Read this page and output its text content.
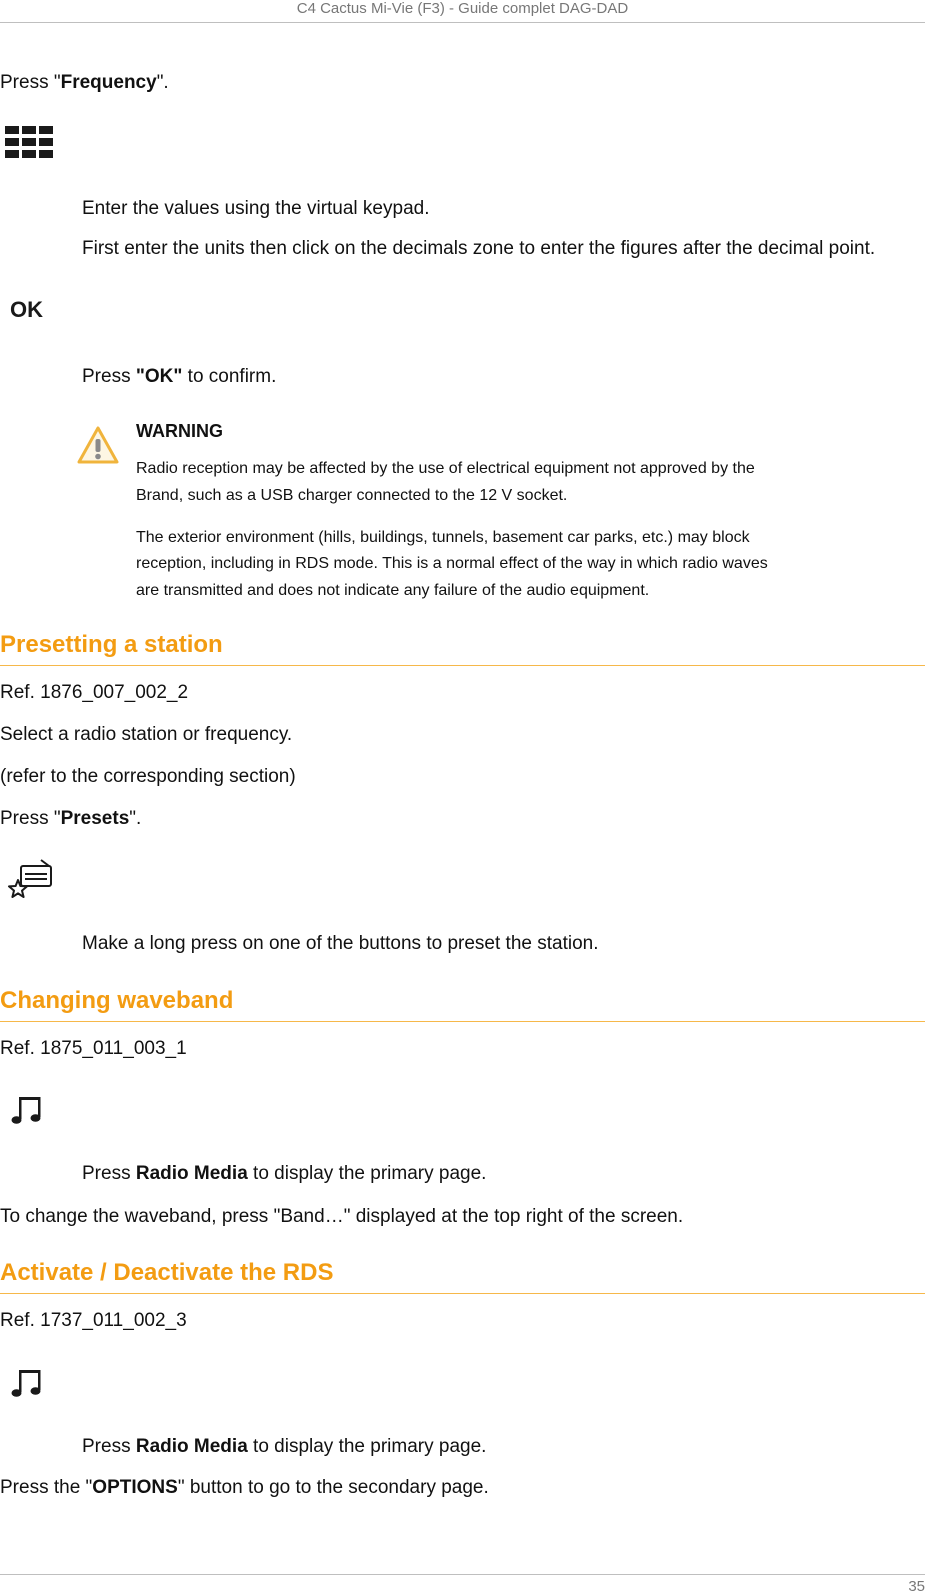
C4 Cactus Mi-Vie (F3) - Guide complet DAG-DAD
Press "Frequency".
Enter the values using the virtual keypad.
First enter the units then click on the decimals zone to enter the figures after the decimal point.
OK
Press "OK" to confirm.
WARNING
Radio reception may be affected by the use of electrical equipment not approved by the
Brand, such as a USB charger connected to the 12 V socket.
The exterior environment (hills, buildings, tunnels, basement car parks, etc.) may block
reception, including in RDS mode. This is a normal effect of the way in which radio waves
are transmitted and does not indicate any failure of the audio equipment.
Presetting a station
Ref. 1876_007_002_2
Select a radio station or frequency.
(refer to the corresponding section)
Press "Presets".
Make a long press on one of the buttons to preset the station.
Changing waveband
Ref. 1875_011_003_1
Press Radio Media to display the primary page.
To change the waveband, press "Band…" displayed at the top right of the screen.
Activate / Deactivate the RDS
Ref. 1737_011_002_3
Press Radio Media to display the primary page.
Press the "OPTIONS" button to go to the secondary page.
35
